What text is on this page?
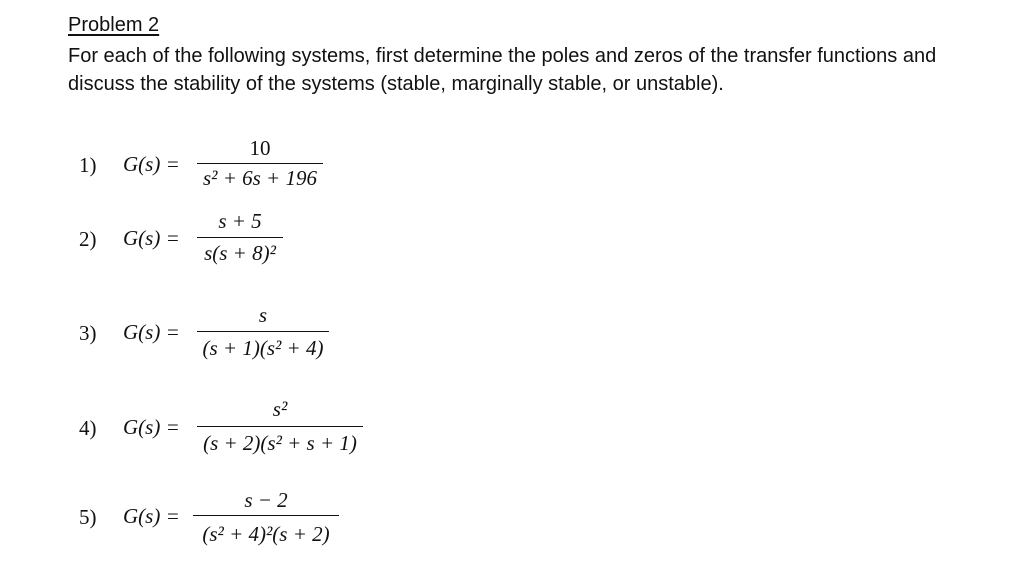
Problem 2
For each of the following systems, first determine the poles and zeros of the transfer functions and
discuss the stability of the systems (stable, marginally stable, or unstable).
1) G(s) =
10
s² + 6s + 196
2) G(s) =
s + 5
s(s + 8)²
3) G(s) =
s
(s + 1)(s² + 4)
4) G(s) =
s²
(s + 2)(s² + s + 1)
5) G(s) =
s − 2
(s² + 4)²(s + 2)
